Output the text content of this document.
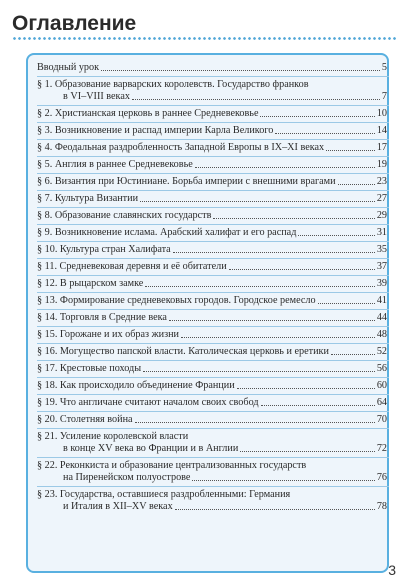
Оглавление
Вводный урок	5
§ 1. Образование варварских королевств. Государство франков
в VI–VIII веках	7
§ 2. Христианская церковь в раннее Средневековье	10
§ 3. Возникновение и распад империи Карла Великого	14
§ 4. Феодальная раздробленность Западной Европы в IX–XI веках	17
§ 5. Англия в раннее Средневековье	19
§ 6. Византия при Юстиниане. Борьба империи с внешними врагами	23
§ 7. Культура Византии	27
§ 8. Образование славянских государств	29
§ 9. Возникновение ислама. Арабский халифат и его распад	31
§ 10. Культура стран Халифата	35
§ 11. Средневековая деревня и её обитатели	37
§ 12. В рыцарском замке	39
§ 13. Формирование средневековых городов. Городское ремесло	41
§ 14. Торговля в Средние века	44
§ 15. Горожане и их образ жизни	48
§ 16. Могущество папской власти. Католическая церковь и еретики	52
§ 17. Крестовые походы	56
§ 18. Как происходило объединение Франции	60
§ 19. Что англичане считают началом своих свобод	64
§ 20. Столетняя война	70
§ 21. Усиление королевской власти
в конце XV века во Франции и в Англии	72
§ 22. Реконкиста и образование централизованных государств
на Пиренейском полуострове	76
§ 23. Государства, оставшиеся раздробленными: Германия
и Италия в XII–XV веках	78
3
